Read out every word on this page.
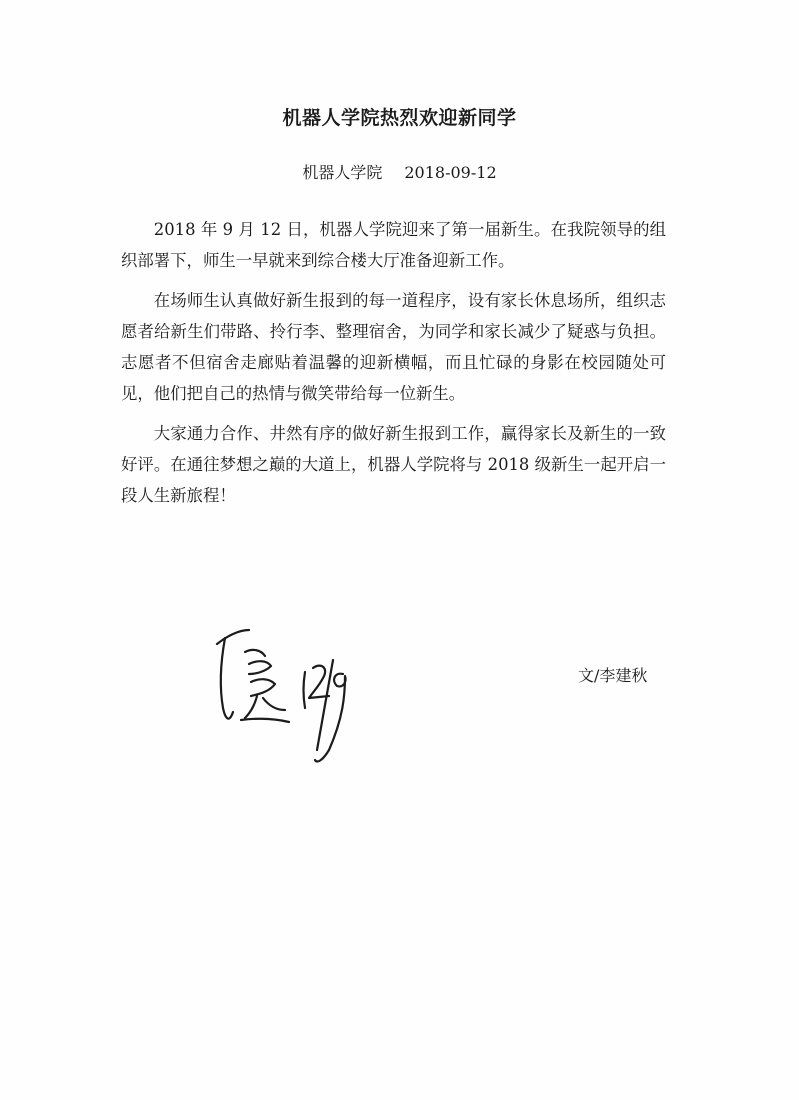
机器人学院热烈欢迎新同学
机器人学院 2018-09-12

2018 年 9 月 12 日，机器人学院迎来了第一届新生。在我院领导的组织部署下，师生一早就来到综合楼大厅准备迎新工作。

在场师生认真做好新生报到的每一道程序，设有家长休息场所，组织志愿者给新生们带路、拎行李、整理宿舍，为同学和家长减少了疑惑与负担。志愿者不但宿舍走廊贴着温馨的迎新横幅，而且忙碌的身影在校园随处可见，他们把自己的热情与微笑带给每一位新生。

大家通力合作、井然有序的做好新生报到工作，赢得家长及新生的一致好评。在通往梦想之巅的大道上，机器人学院将与 2018 级新生一起开启一段人生新旅程！

文/李建秋
